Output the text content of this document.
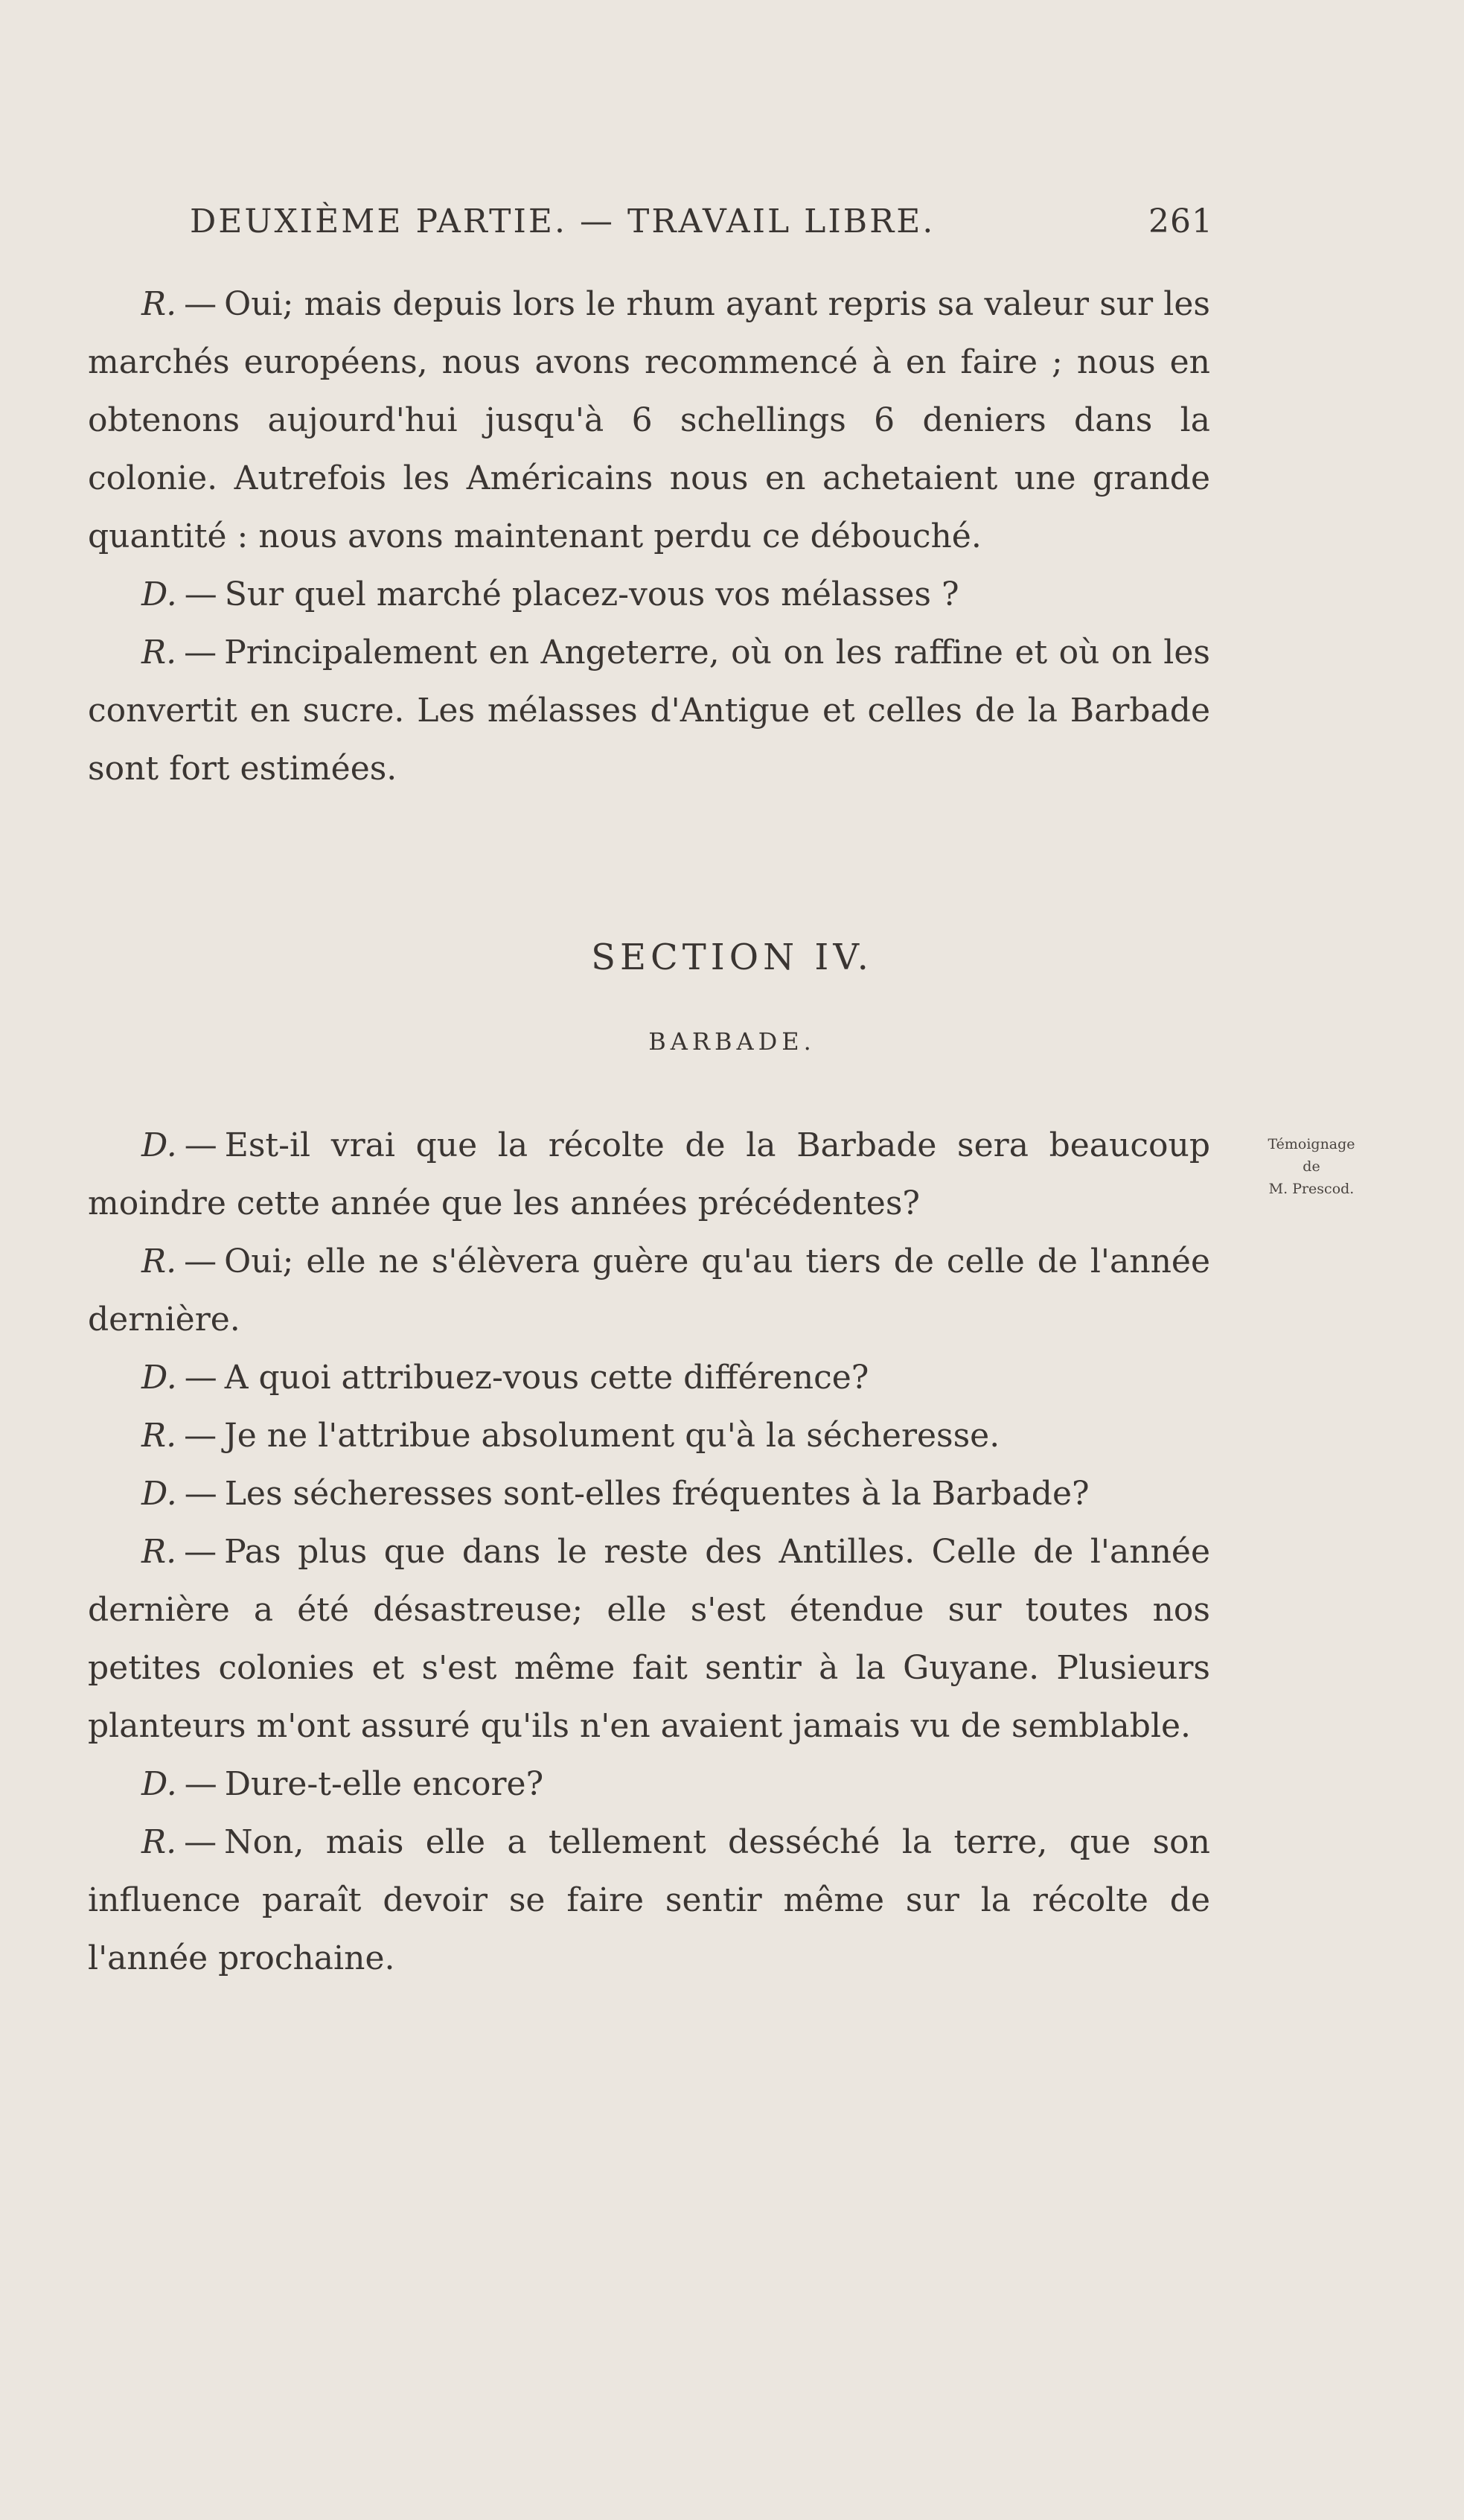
DEUXIÈME PARTIE. — TRAVAIL LIBRE.	261

R. — Oui; mais depuis lors le rhum ayant repris sa valeur sur les marchés européens, nous avons recommencé à en faire ; nous en obtenons aujourd'hui jusqu'à 6 schellings 6 deniers dans la colonie. Autrefois les Américains nous en achetaient une grande quantité : nous avons maintenant perdu ce débouché.

D. — Sur quel marché placez-vous vos mélasses ?

R. — Principalement en Angeterre, où on les raffine et où on les convertit en sucre. Les mélasses d'Antigue et celles de la Barbade sont fort estimées.

SECTION IV.
BARBADE.
Témoignage
de
M. Prescod.

D. — Est-il vrai que la récolte de la Barbade sera beaucoup moindre cette année que les années précédentes?

R. — Oui; elle ne s'élèvera guère qu'au tiers de celle de l'année dernière.

D. — A quoi attribuez-vous cette différence?

R. — Je ne l'attribue absolument qu'à la sécheresse.

D. — Les sécheresses sont-elles fréquentes à la Barbade?

R. — Pas plus que dans le reste des Antilles. Celle de l'année dernière a été désastreuse; elle s'est étendue sur toutes nos petites colonies et s'est même fait sentir à la Guyane. Plusieurs planteurs m'ont assuré qu'ils n'en avaient jamais vu de semblable.

D. — Dure-t-elle encore?

R. — Non, mais elle a tellement desséché la terre, que son influence paraît devoir se faire sentir même sur la récolte de l'année prochaine.
